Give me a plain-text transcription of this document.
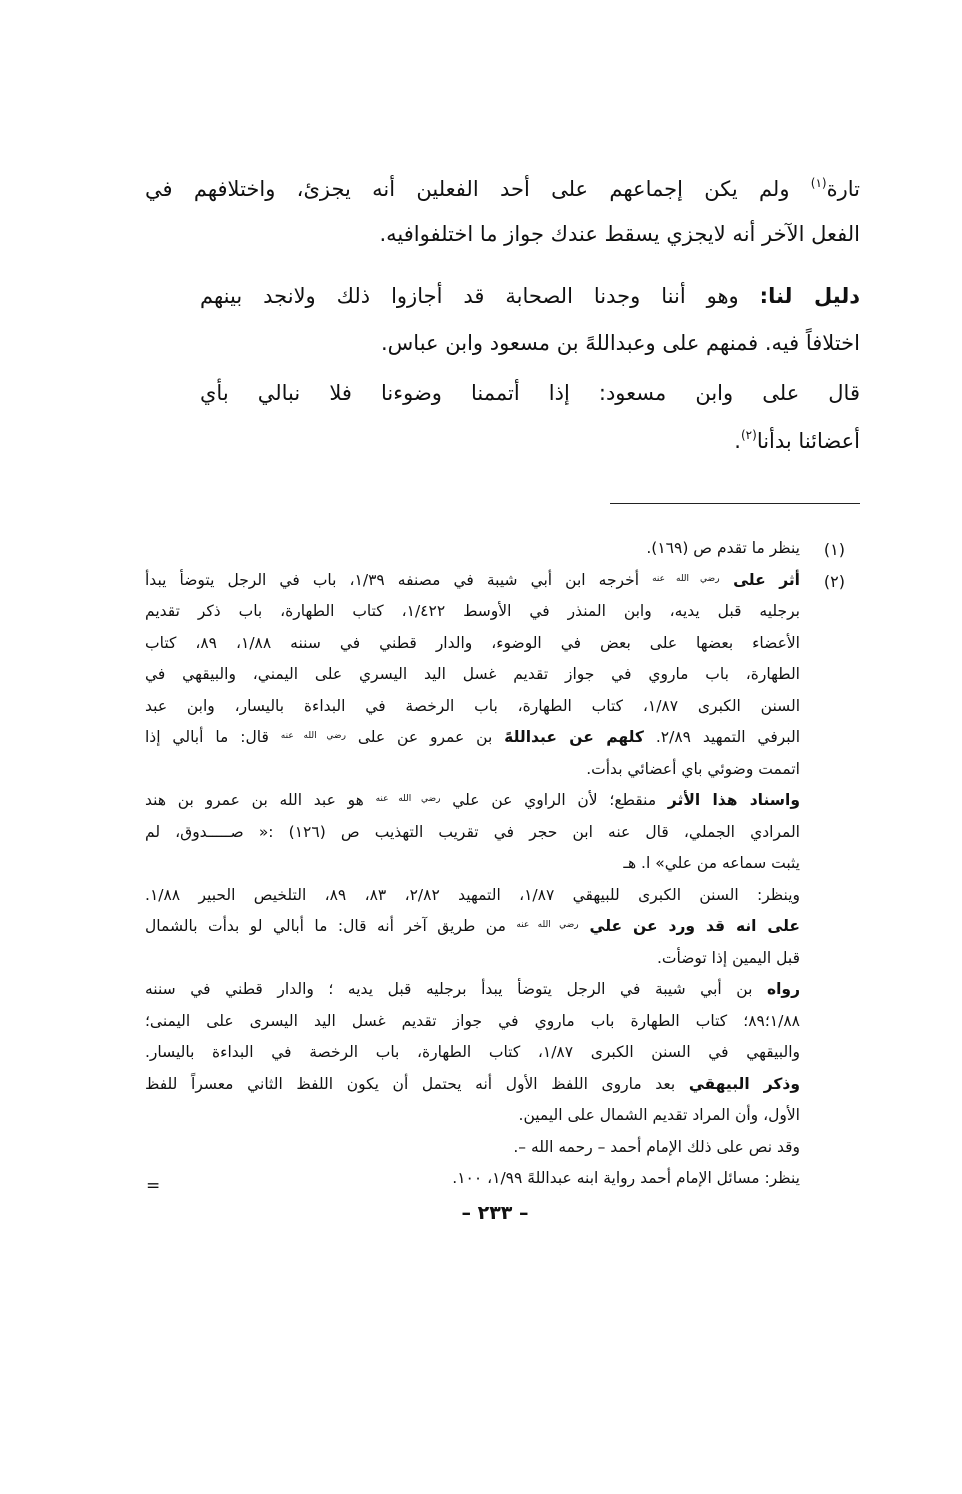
تارة$^{(١)}$ ولم يكن إجماعهم على أحد الفعلين أنه يجزئ، واختلافهم في
الفعل الآخر أنه لايجزي يسقط عندك جواز ما اختلفوافيه.
دليل لنا: وهو أننا وجدنا الصحابة قد أجازوا ذلك ولانجد بينهم
اختلافاً فيه. فمنهم على وعبداللهً بن مسعود وابن عباس.
قال على وابن مسعود: إذا أتممنا وضوءنا فلا نبالي بأي
أعضائنا بدأنا$^{(٢)}$.
(١)
(٢)
ينظر ما تقدم ص (١٦٩).
أثر على $^{رضي الله عنه}$ أخرجه ابن أبي شيبة في مصنفه ١/٣٩، باب في الرجل يتوضأ يبدأ
برجليه قبل يديه، وابن المنذر في الأوسط ١/٤٢٢، كتاب الطهارة، باب ذكر تقديم
الأعضاء بعضها على بعض في الوضوء، والدار قطني في سننه ١/٨٨، ٨٩، كتاب
الطهارة، باب ماروي في جواز تقديم غسل اليد اليسري على اليمني، والبيقهي في
السنن الكبرى ١/٨٧، كتاب الطهارة، باب الرخصة في البداءة باليسار، وابن عبد
البرفي التمهيد ٢/٨٩. كلهم عن عبداللهً بن عمرو عن على $^{رضي الله عنه}$ قال: ما أبالي إذا
اتممت وضوئي باي أعضائي بدأت.
واسناد هذا الأثر منقطع؛ لأن الراوي عن علي $^{رضي الله عنه}$ هو عبد الله بن عمرو بن هند
المرادي الجملي، قال عنه ابن حجر في تقريب التهذيب ص (١٢٦) :« صـــــدوق، لم
يثبت سماعه من علي» ا. هـ
وينظر: السنن الكبرى للبيهقي ١/٨٧، التمهيد ٢/٨٢، ٨٣، ٨٩، التلخيص الحبير ١/٨٨.
على انه قد ورد عن علي $^{رضي الله عنه}$ من طريق آخر أنه قال: ما أبالي لو بدأت بالشمال
قبل اليمين إذا توضأت.
رواه بن أبي شيبة في الرجل يتوضأ يبدأ برجليه قبل يديه ؛ والدار قطني في سننه
١/٨٨؛٨٩؛ كتاب الطهارة باب ماروي في جواز تقديم غسل اليد اليسرى على اليمنى؛
والبيقهي في السنن الكبرى ١/٨٧، كتاب الطهارة، باب الرخصة في البداءة باليسار.
وذكر البيهقي بعد ماروى اللفظ الأول أنه يحتمل أن يكون اللفظ الثاني معسراً للفظ
الأول، وأن المراد تقديم الشمال على اليمين.
وقد نص على ذلك الإمام أحمد – رحمه الله –.
ينظر: مسائل الإمام أحمد رواية ابنه عبداللهً ١/٩٩، ١٠٠.
=
– ٢٣٣ –
